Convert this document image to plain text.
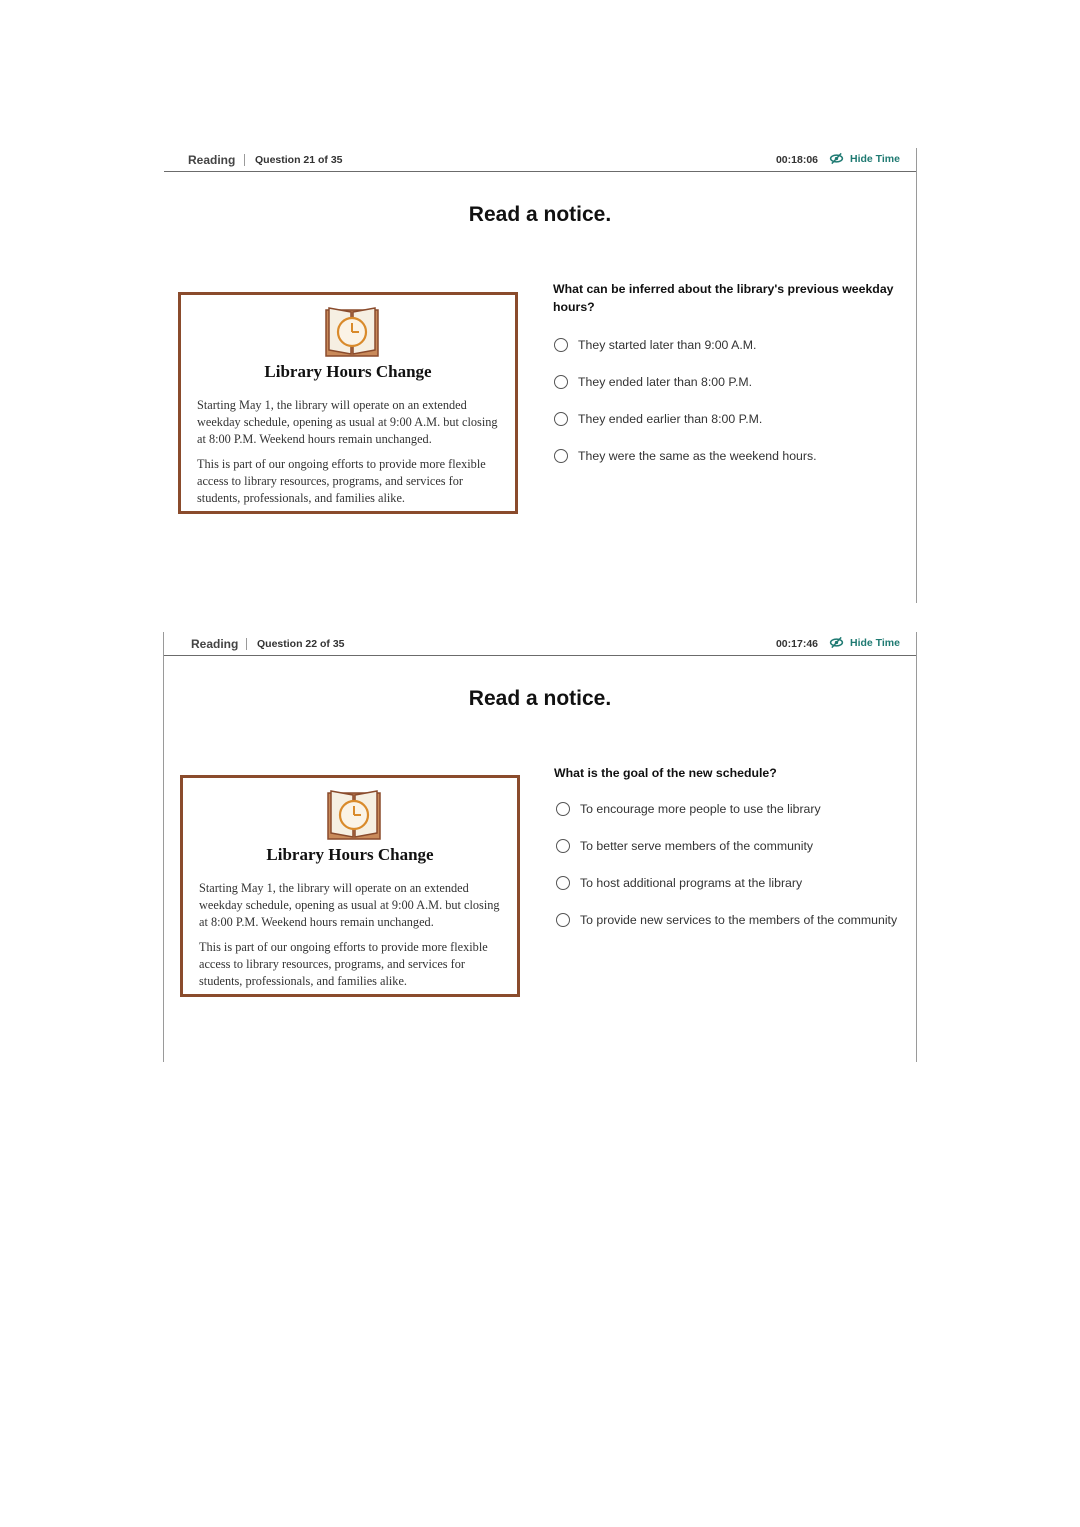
Reading Question 21 of 35	00:18:06	Hide Time
Read a notice.
Library Hours Change
Starting May 1, the library will operate on an extended weekday schedule, opening as usual at 9:00 A.M. but closing at 8:00 P.M. Weekend hours remain unchanged.
This is part of our ongoing efforts to provide more flexible access to library resources, programs, and services for students, professionals, and families alike.
What can be inferred about the library's previous weekday hours?
They started later than 9:00 A.M.
They ended later than 8:00 P.M.
They ended earlier than 8:00 P.M.
They were the same as the weekend hours.
Reading Question 22 of 35	00:17:46	Hide Time
Read a notice.
Library Hours Change
Starting May 1, the library will operate on an extended weekday schedule, opening as usual at 9:00 A.M. but closing at 8:00 P.M. Weekend hours remain unchanged.
This is part of our ongoing efforts to provide more flexible access to library resources, programs, and services for students, professionals, and families alike.
What is the goal of the new schedule?
To encourage more people to use the library
To better serve members of the community
To host additional programs at the library
To provide new services to the members of the community
